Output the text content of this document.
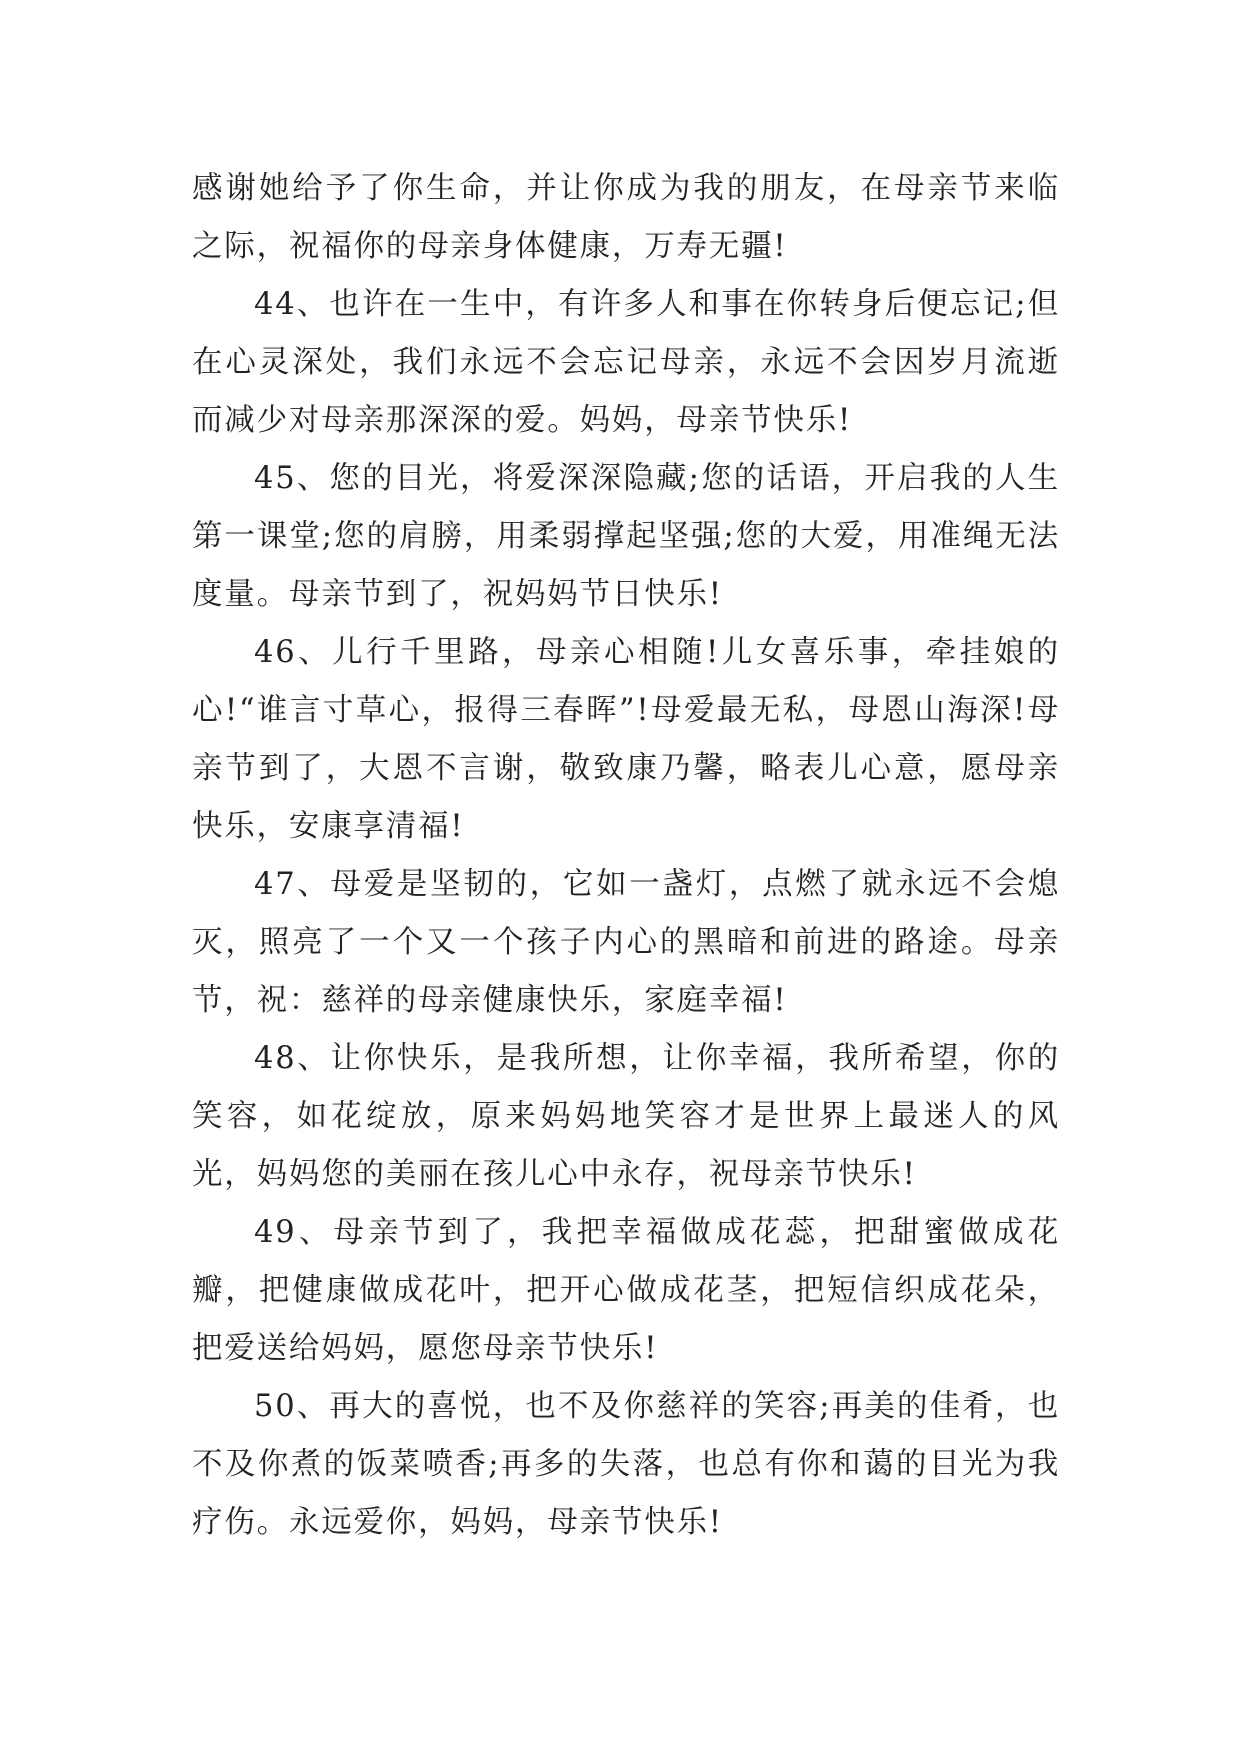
感谢她给予了你生命，并让你成为我的朋友，在母亲节来临之际，祝福你的母亲身体健康，万寿无疆!

44、也许在一生中，有许多人和事在你转身后便忘记;但在心灵深处，我们永远不会忘记母亲，永远不会因岁月流逝而减少对母亲那深深的爱。妈妈，母亲节快乐!

45、您的目光，将爱深深隐藏;您的话语，开启我的人生第一课堂;您的肩膀，用柔弱撑起坚强;您的大爱，用准绳无法度量。母亲节到了，祝妈妈节日快乐!

46、儿行千里路，母亲心相随!儿女喜乐事，牵挂娘的心!“谁言寸草心，报得三春晖”!母爱最无私，母恩山海深!母亲节到了，大恩不言谢，敬致康乃馨，略表儿心意，愿母亲快乐，安康享清福!

47、母爱是坚韧的，它如一盏灯，点燃了就永远不会熄灭，照亮了一个又一个孩子内心的黑暗和前进的路途。母亲节，祝：慈祥的母亲健康快乐，家庭幸福!

48、让你快乐，是我所想，让你幸福，我所希望，你的笑容，如花绽放，原来妈妈地笑容才是世界上最迷人的风光，妈妈您的美丽在孩儿心中永存，祝母亲节快乐!

49、母亲节到了，我把幸福做成花蕊，把甜蜜做成花瓣，把健康做成花叶，把开心做成花茎，把短信织成花朵，把爱送给妈妈，愿您母亲节快乐!

50、再大的喜悦，也不及你慈祥的笑容;再美的佳肴，也不及你煮的饭菜喷香;再多的失落，也总有你和蔼的目光为我疗伤。永远爱你，妈妈，母亲节快乐!
